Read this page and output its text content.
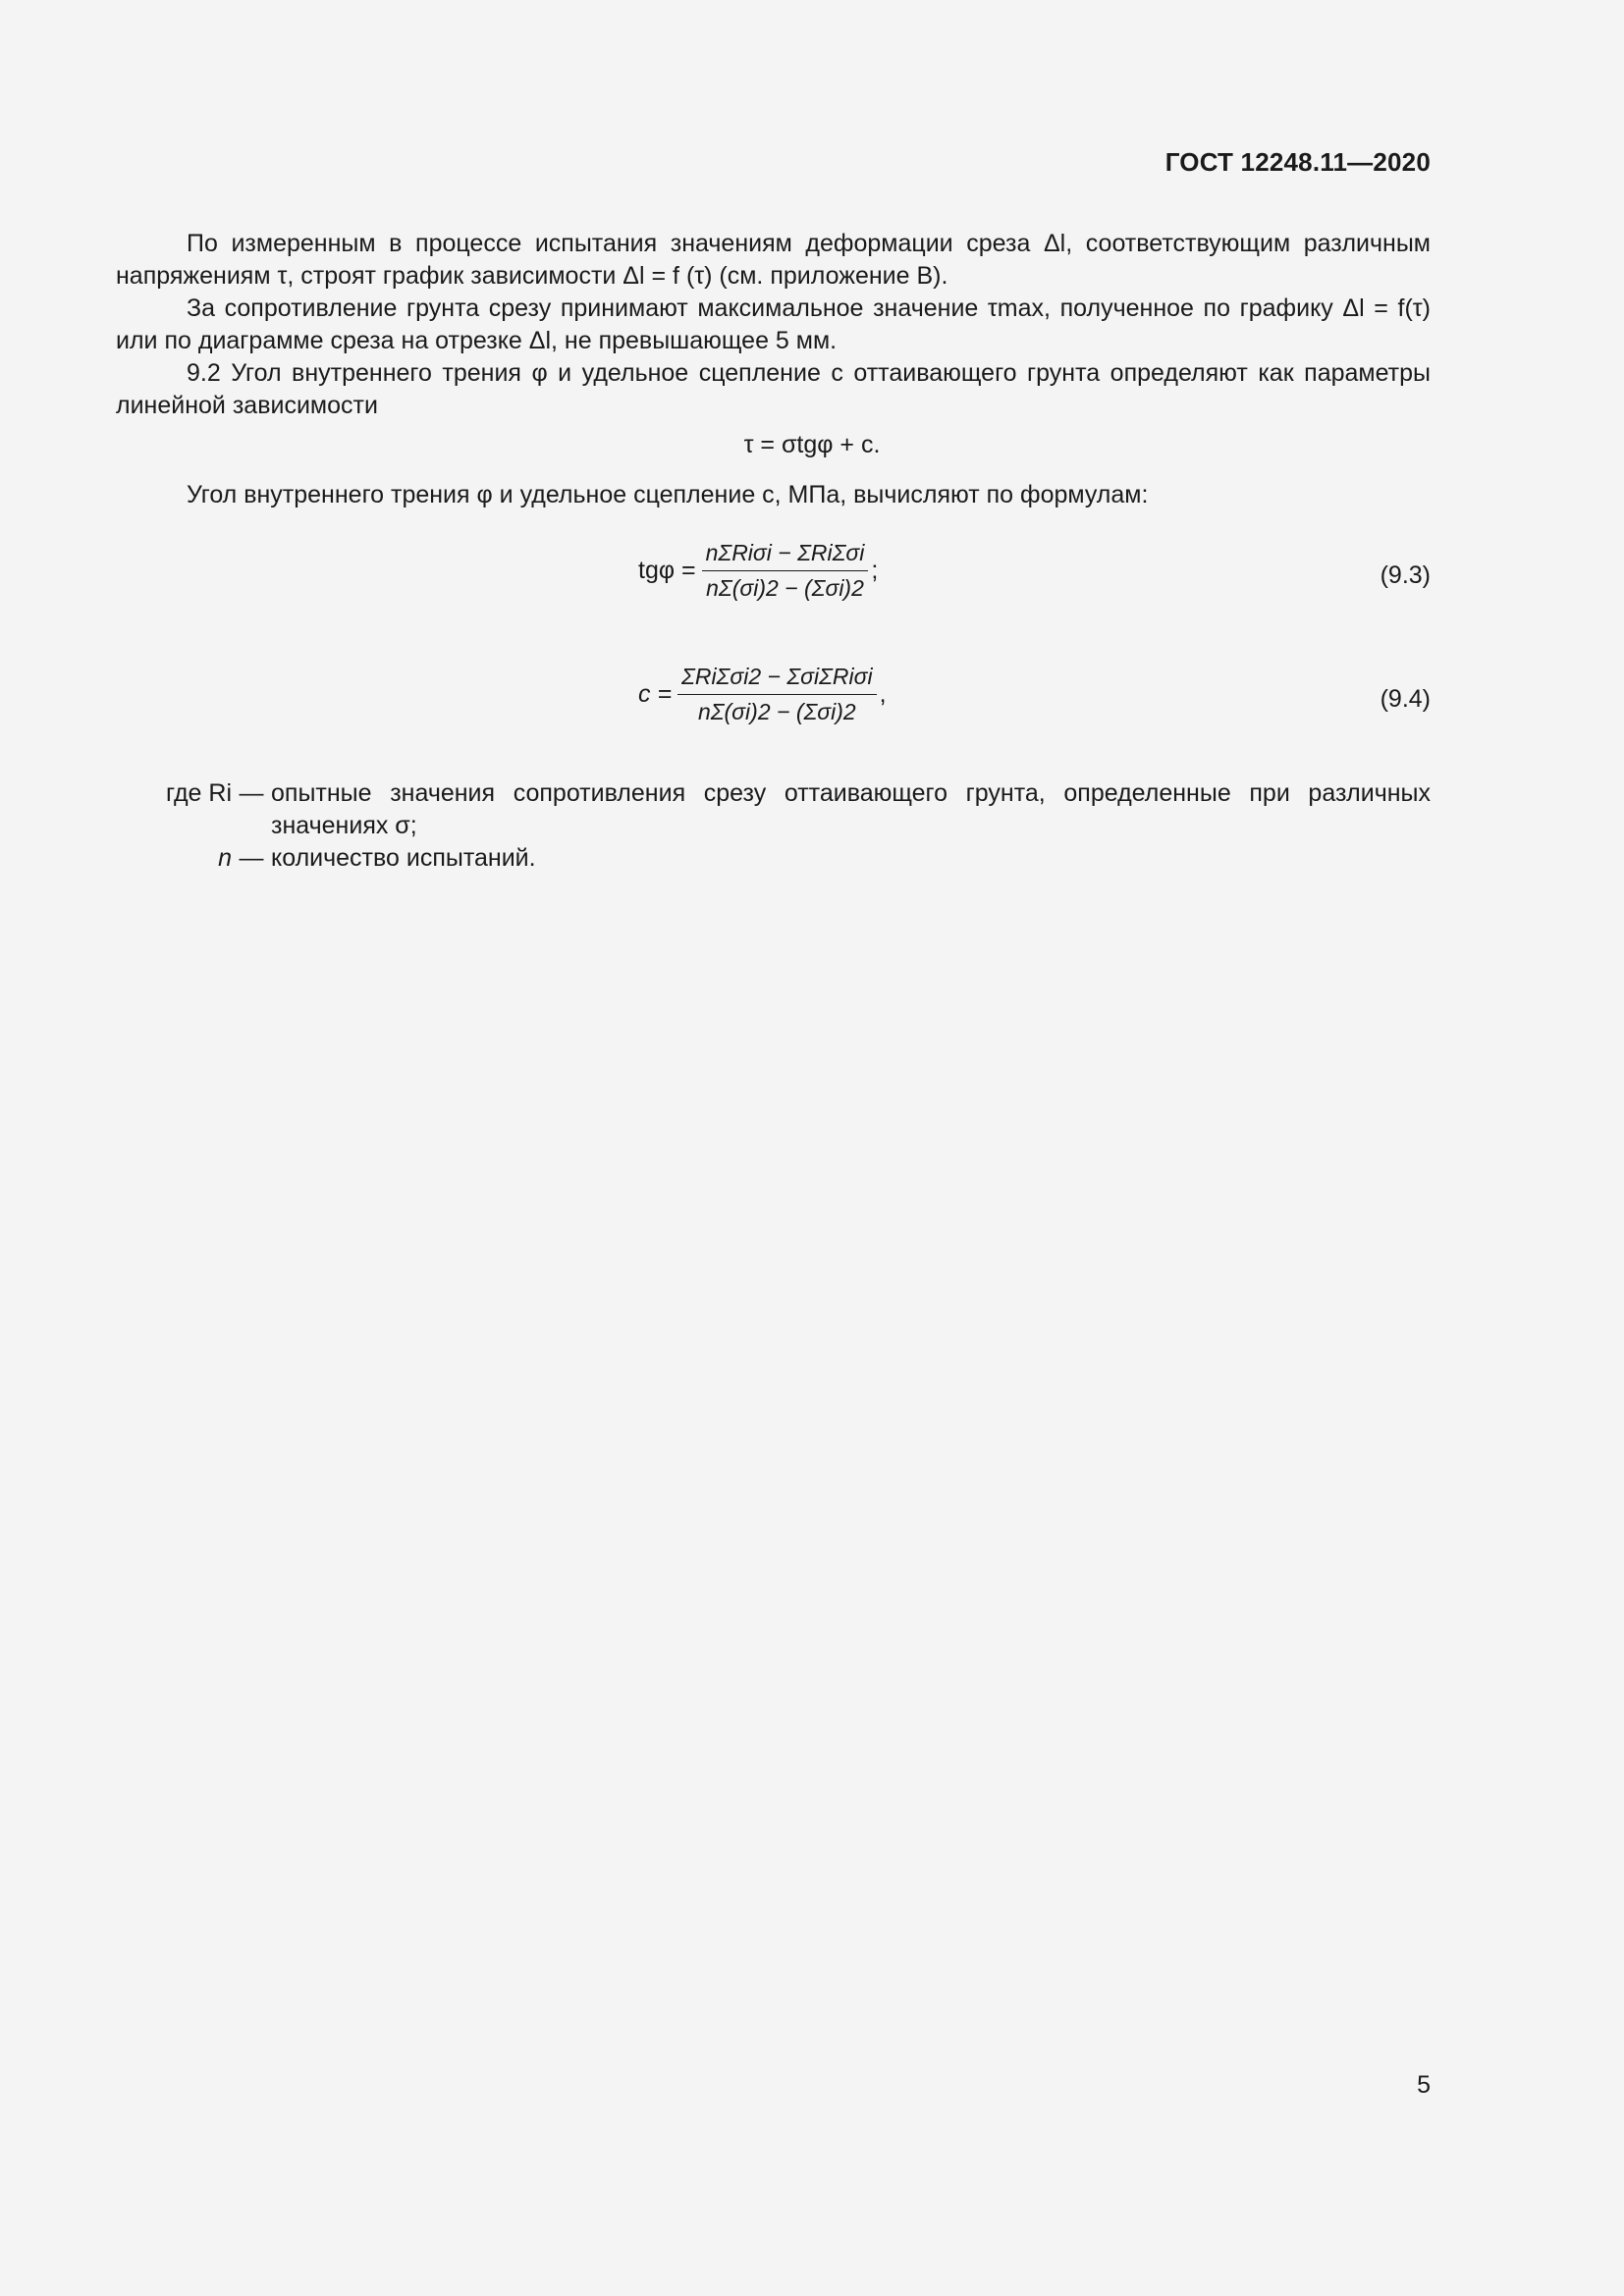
ГОСТ 12248.11—2020

По измеренным в процессе испытания значениям деформации среза Δl, соответствующим различным напряжениям τ, строят график зависимости Δl = f (τ) (см. приложение В).

За сопротивление грунта срезу принимают максимальное значение τmax, полученное по графику Δl = f(τ) или по диаграмме среза на отрезке Δl, не превышающее 5 мм.

9.2 Угол внутреннего трения φ и удельное сцепление c оттаивающего грунта определяют как параметры линейной зависимости

τ = σtgφ + c.

Угол внутреннего трения φ и удельное сцепление c, МПа, вычисляют по формулам:

$tg\varphi = \frac{\text{nΣRiσi − ΣRiΣσi}}{\text{nΣ(σi)2 − (Σσi)2}}$ ;	(9.3)
$c = \frac{\text{ΣRiΣσi2 − ΣσiΣRiσi}}{\text{nΣ(σi)2 − (Σσi)2}}$ ,	(9.4)
где Ri — опытные значения сопротивления срезу оттаивающего грунта, определенные при различных значениях σ;
n — количество испытаний.
5
